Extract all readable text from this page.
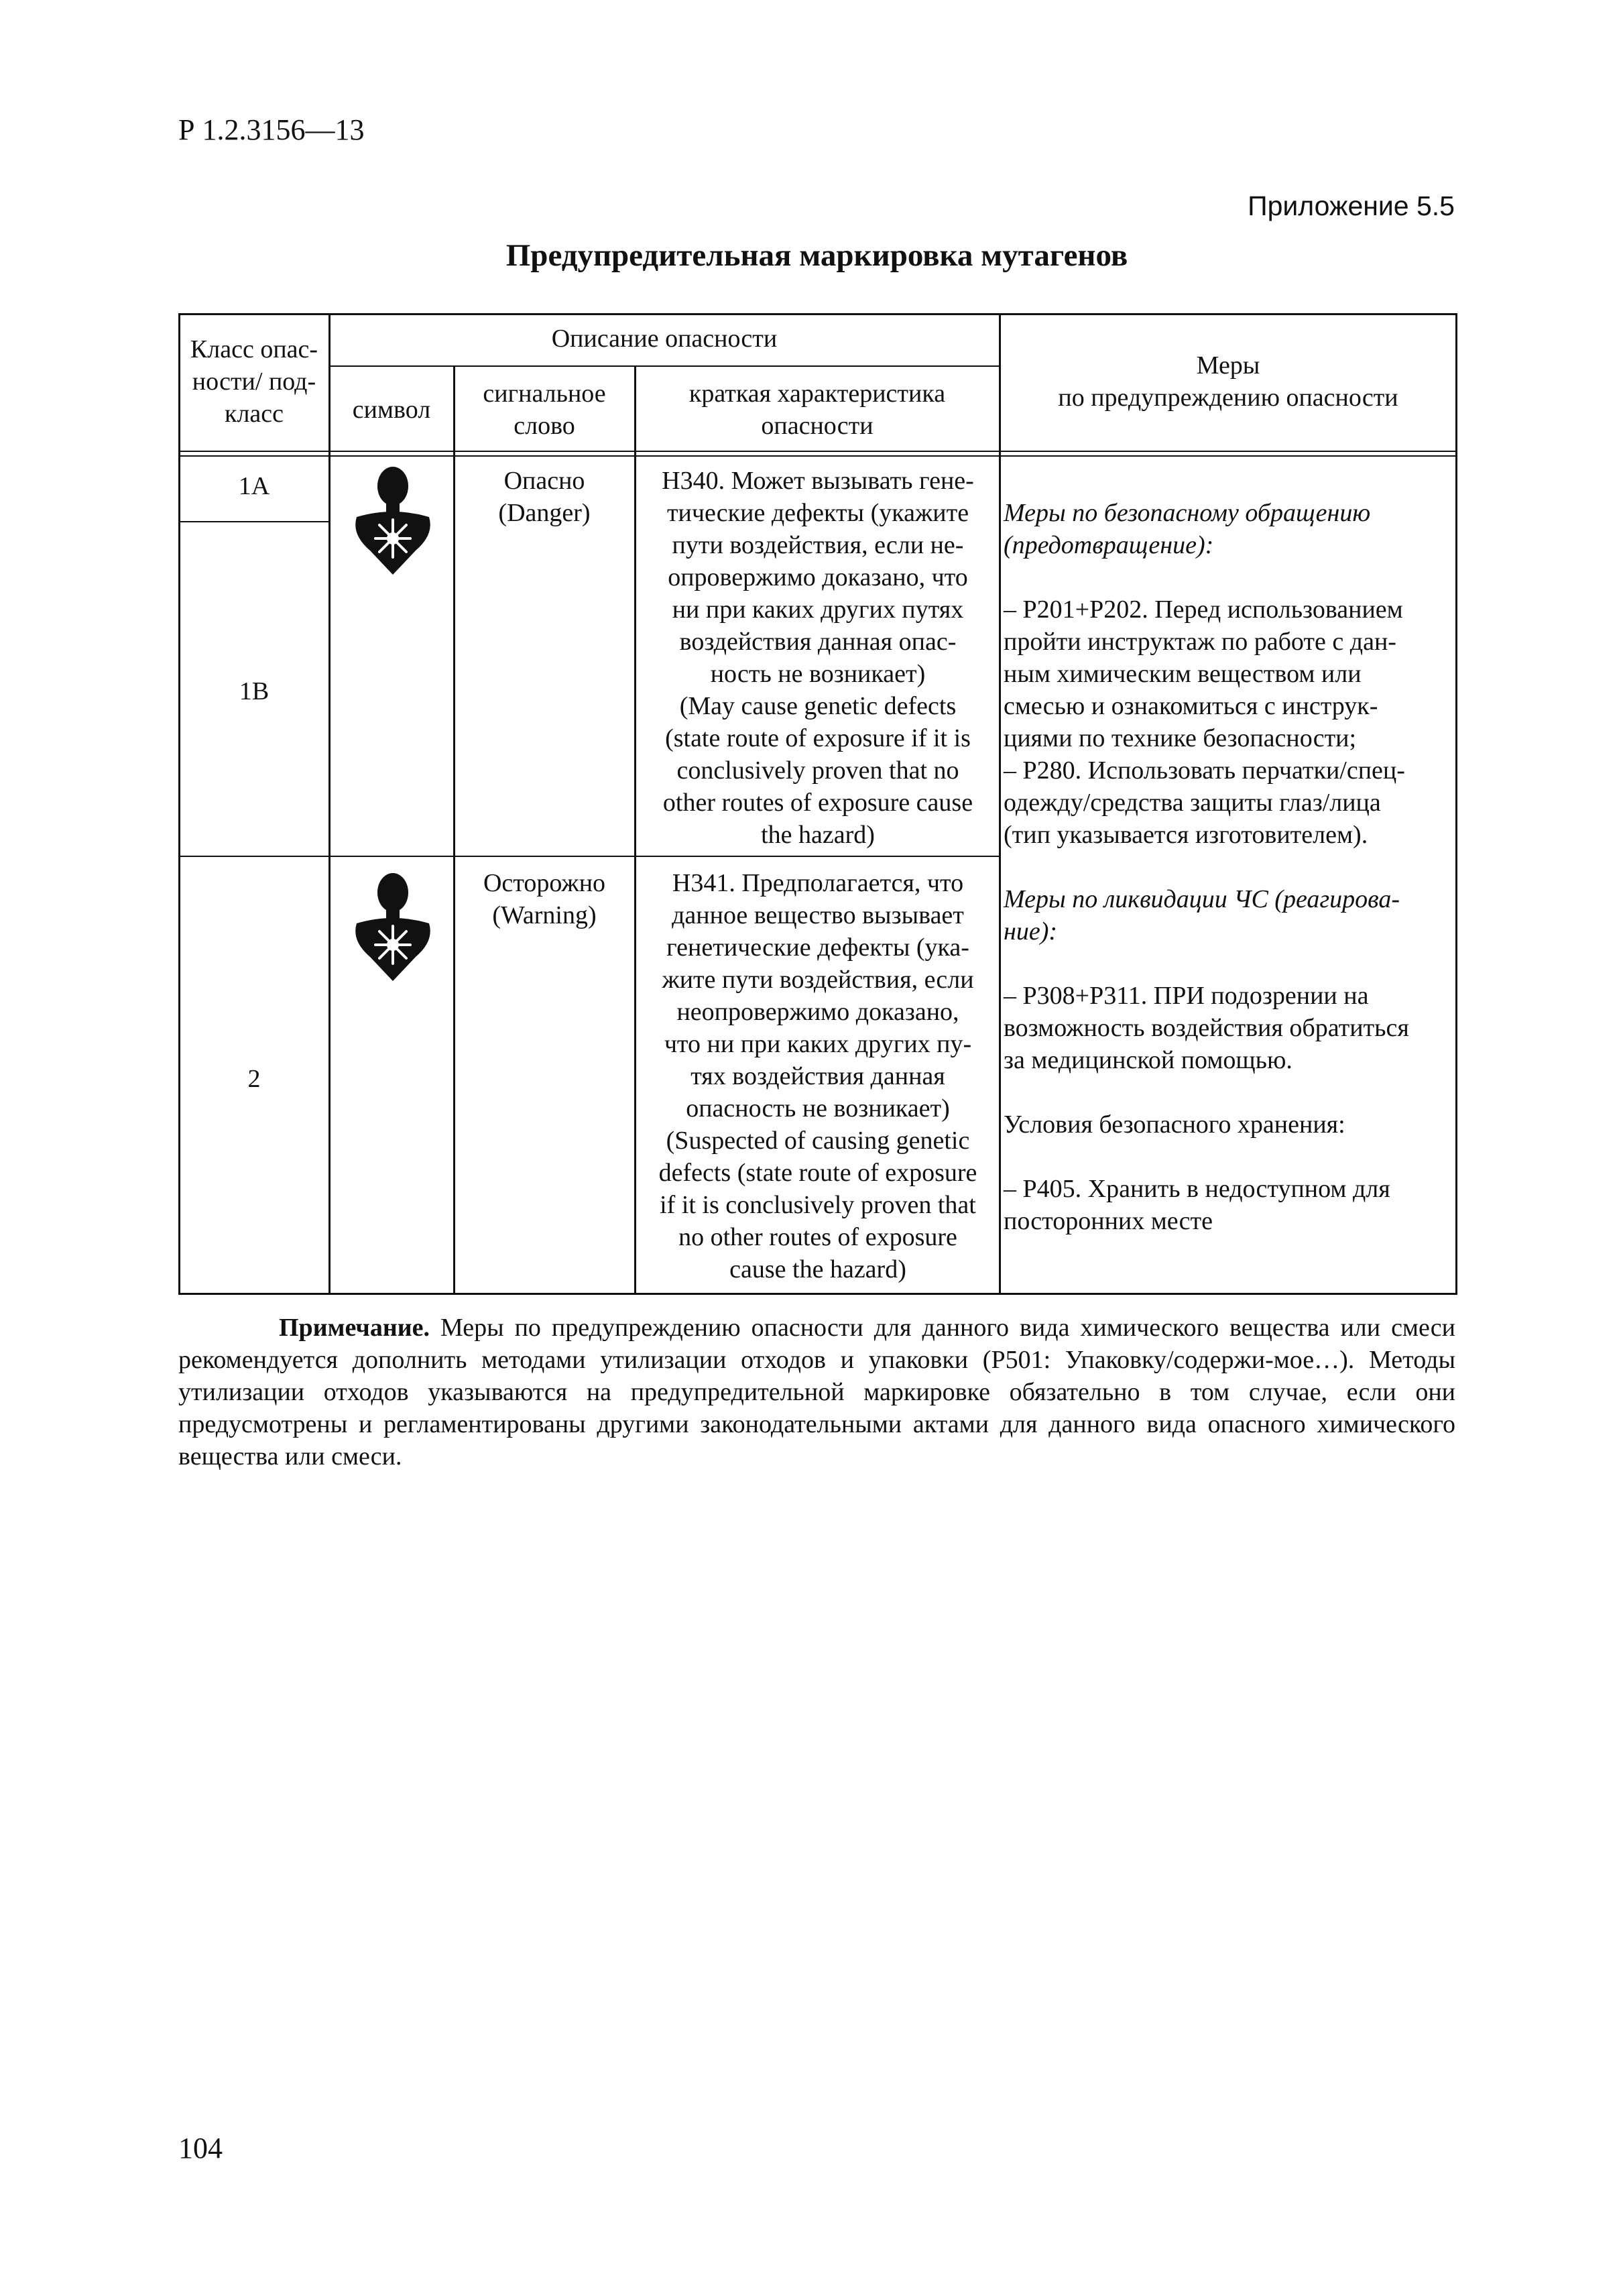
Р 1.2.3156—13
Приложение 5.5
Предупредительная маркировка мутагенов
Класс опас-
ности/ под-
класс
Описание опасности
символ
сигнальное
слово
краткая характеристика
опасности
Меры
по предупреждению опасности
1А
1В
2
Опасно
(Danger)
Н340. Может вызывать гене-
тические дефекты (укажите
пути воздействия, если не-
опровержимо доказано, что
ни при каких других путях
воздействия данная опас-
ность не возникает)
(May cause genetic defects
(state route of exposure if it is
conclusively proven that no
other routes of exposure cause
the hazard)
Осторожно
(Warning)
Н341. Предполагается, что
данное вещество вызывает
генетические дефекты (ука-
жите пути воздействия, если
неопровержимо доказано,
что ни при каких других пу-
тях воздействия данная
опасность не возникает)
(Suspected of causing genetic
defects (state route of exposure
if it is conclusively proven that
no other routes of exposure
cause the hazard)

Меры по безопасному обращению
(предотвращение):

– Р201+Р202. Перед использованием
пройти инструктаж по работе с дан-
ным химическим веществом или
смесью и ознакомиться с инструк-
циями по технике безопасности;
– Р280. Использовать перчатки/спец-
одежду/средства защиты глаз/лица
(тип указывается изготовителем).

Меры по ликвидации ЧС (реагирова-
ние):

– Р308+Р311. ПРИ подозрении на
возможность воздействия обратиться
за медицинской помощью.

Условия безопасного хранения:

– Р405. Хранить в недоступном для
посторонних месте

Примечание. Меры по предупреждению опасности для данного вида химического вещества или смеси рекомендуется дополнить методами утилизации отходов и упаковки (Р501: Упаковку/содержи-мое…). Методы утилизации отходов указываются на предупредительной маркировке обязательно в том случае, если они предусмотрены и регламентированы другими законодательными актами для данного вида опасного химического вещества или смеси.
104
